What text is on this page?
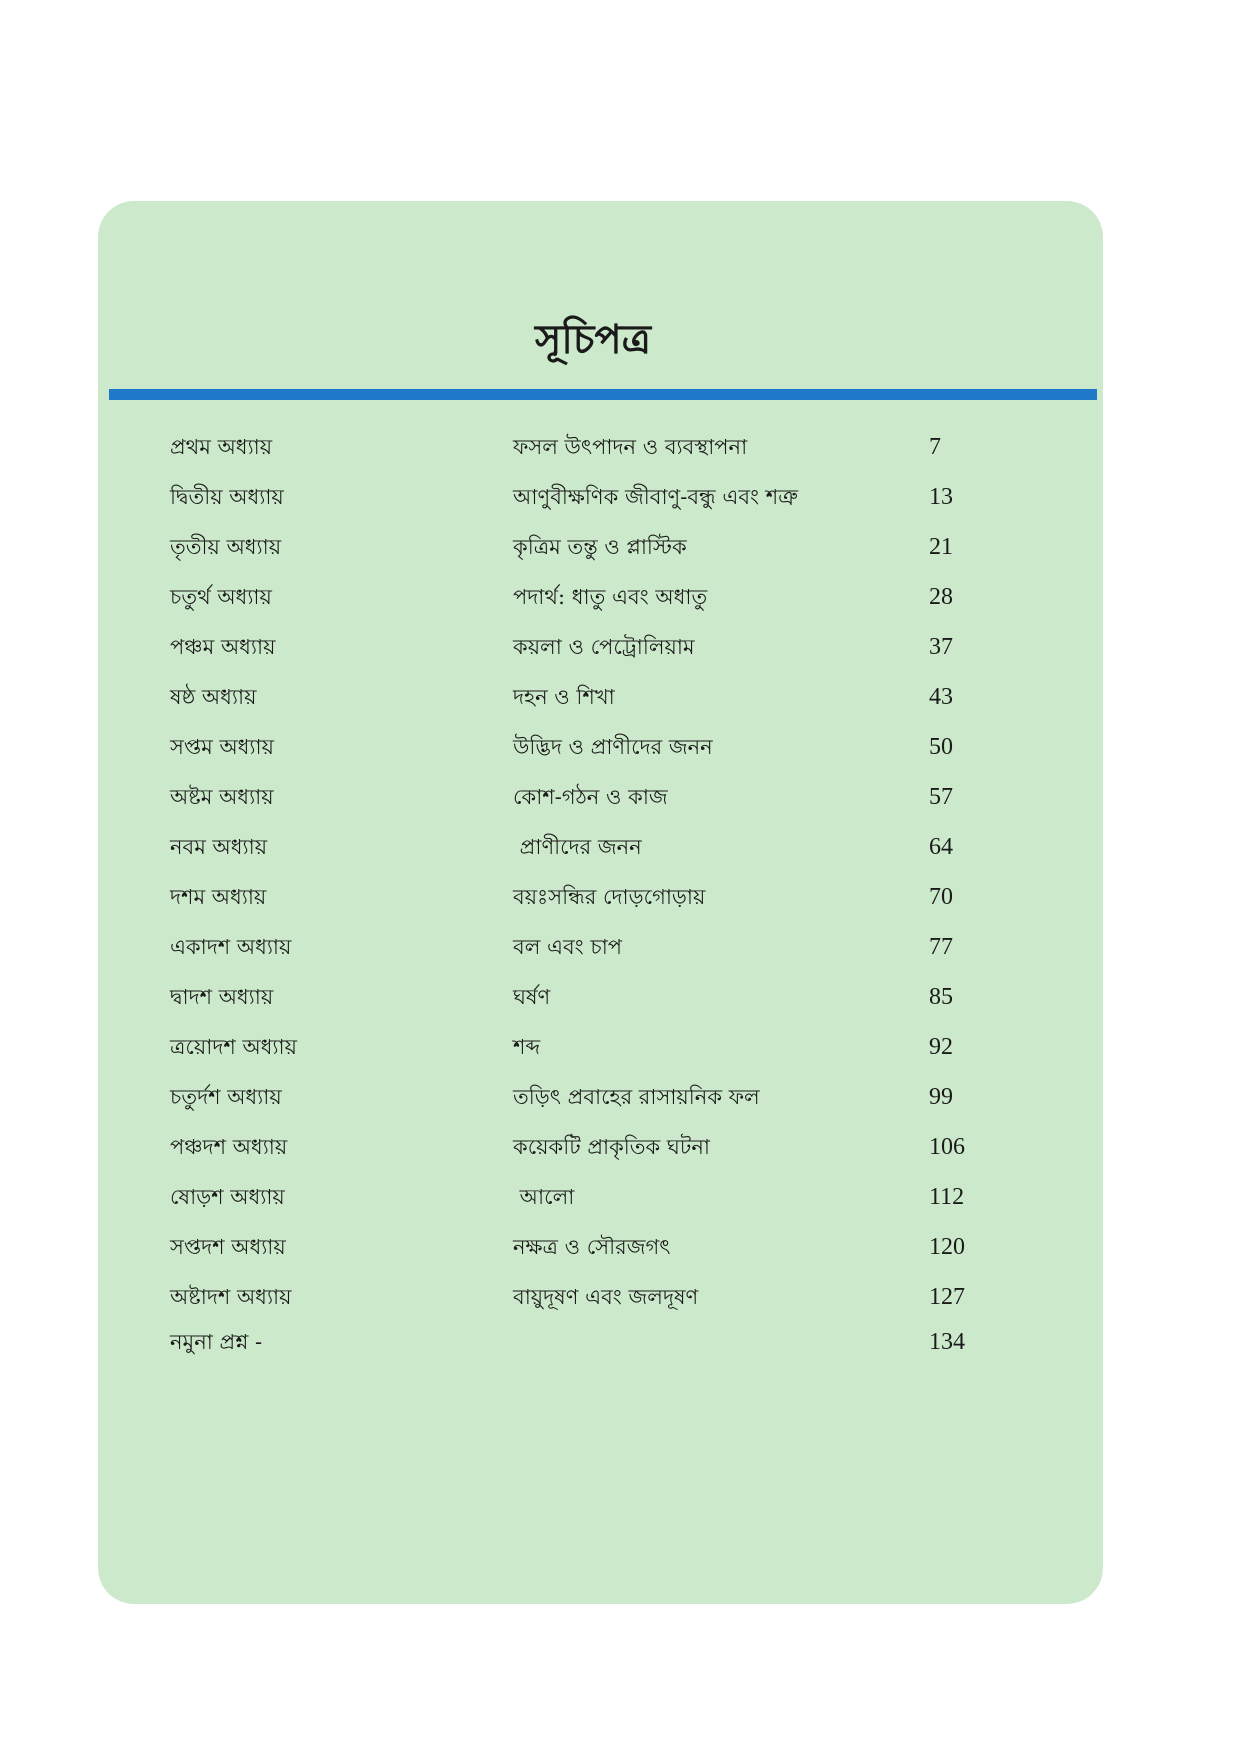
সূচিপত্র
প্রথম অধ্যায়	ফসল উৎপাদন ও ব্যবস্থাপনা	7
দ্বিতীয় অধ্যায়	আণুবীক্ষণিক জীবাণু-বন্ধু এবং শত্রু	13
তৃতীয় অধ্যায়	কৃত্রিম তন্তু ও প্লাস্টিক	21
চতুর্থ অধ্যায়	পদার্থ: ধাতু এবং অধাতু	28
পঞ্চম অধ্যায়	কয়লা ও পেট্রোলিয়াম	37
ষষ্ঠ অধ্যায়	দহন ও শিখা	43
সপ্তম অধ্যায়	উদ্ভিদ ও প্রাণীদের জনন	50
অষ্টম অধ্যায়	কোশ-গঠন ও কাজ	57
নবম অধ্যায়	প্রাণীদের জনন	64
দশম অধ্যায়	বয়ঃসন্ধির দোড়গোড়ায়	70
একাদশ অধ্যায়	বল এবং চাপ	77
দ্বাদশ অধ্যায়	ঘর্ষণ	85
ত্রয়োদশ অধ্যায়	শব্দ	92
চতুর্দশ অধ্যায়	তড়িৎ প্রবাহের রাসায়নিক ফল	99
পঞ্চদশ অধ্যায়	কয়েকটি প্রাকৃতিক ঘটনা	106
ষোড়শ অধ্যায়	আলো	112
সপ্তদশ অধ্যায়	নক্ষত্র ও সৌরজগৎ	120
অষ্টাদশ অধ্যায়	বায়ুদূষণ এবং জলদূষণ	127
নমুনা প্রশ্ন -	134
